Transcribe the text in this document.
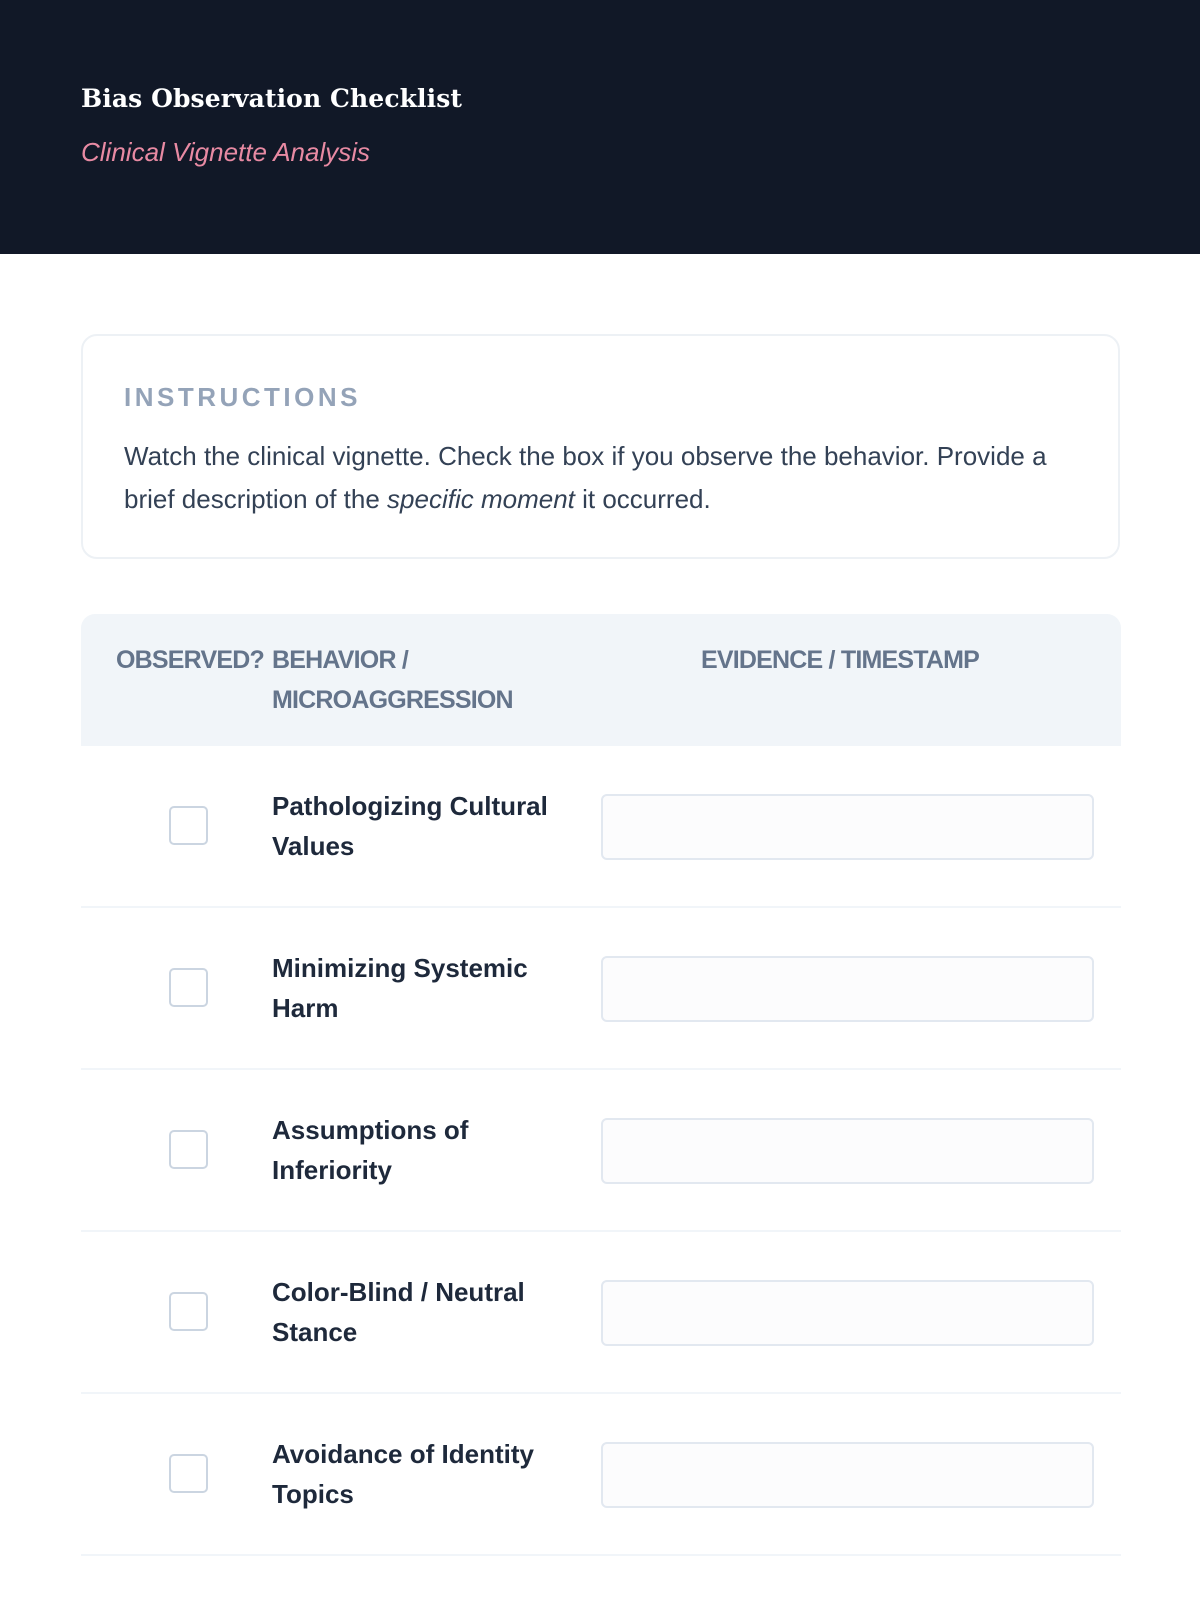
Bias Observation Checklist
Clinical Vignette Analysis
INSTRUCTIONS
Watch the clinical vignette. Check the box if you observe the behavior. Provide a brief description of the specific moment it occurred.
OBSERVED? BEHAVIOR / MICROAGGRESSION
EVIDENCE / TIMESTAMP
Pathologizing Cultural Values
Minimizing Systemic Harm
Assumptions of Inferiority
Color-Blind / Neutral Stance
Avoidance of Identity Topics
